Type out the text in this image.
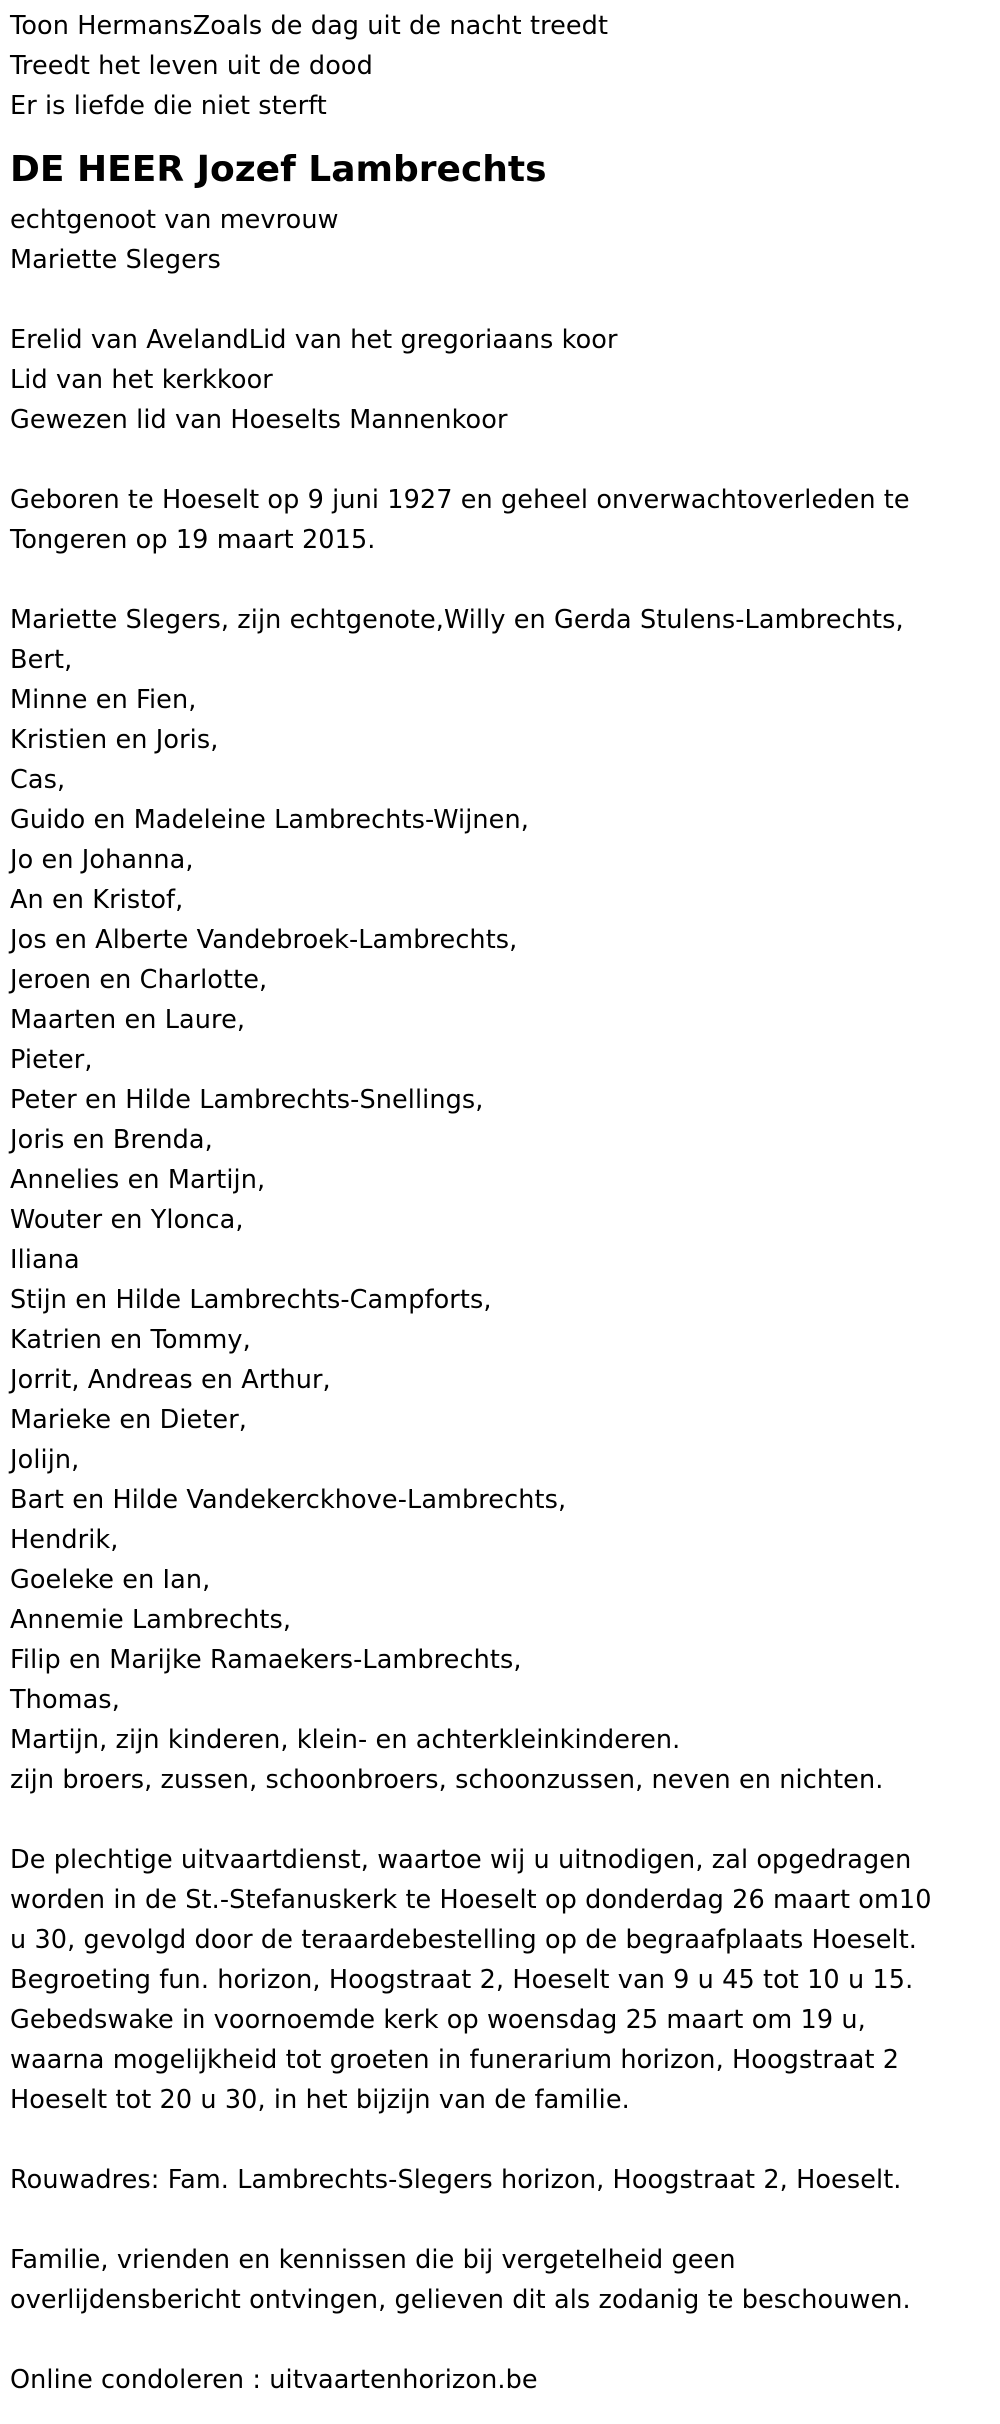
Toon HermansZoals de dag uit de nacht treedt
Treedt het leven uit de dood
Er is liefde die niet sterft
DE HEER Jozef Lambrechts
echtgenoot van mevrouw
Mariette Slegers
Erelid van AvelandLid van het gregoriaans koor
Lid van het kerkkoor
Gewezen lid van Hoeselts Mannenkoor
Geboren te Hoeselt op 9 juni 1927 en geheel onverwachtoverleden te
Tongeren op 19 maart 2015.
Mariette Slegers, zijn echtgenote,Willy en Gerda Stulens-Lambrechts,
Bert,
Minne en Fien,
Kristien en Joris,
Cas,
Guido en Madeleine Lambrechts-Wijnen,
Jo en Johanna,
An en Kristof,
Jos en Alberte Vandebroek-Lambrechts,
Jeroen en Charlotte,
Maarten en Laure,
Pieter,
Peter en Hilde Lambrechts-Snellings,
Joris en Brenda,
Annelies en Martijn,
Wouter en Ylonca,
Iliana
Stijn en Hilde Lambrechts-Campforts,
Katrien en Tommy,
Jorrit, Andreas en Arthur,
Marieke en Dieter,
Jolijn,
Bart en Hilde Vandekerckhove-Lambrechts,
Hendrik,
Goeleke en Ian,
Annemie Lambrechts,
Filip en Marijke Ramaekers-Lambrechts,
Thomas,
Martijn, zijn kinderen, klein- en achterkleinkinderen.
zijn broers, zussen, schoonbroers, schoonzussen, neven en nichten.
De plechtige uitvaartdienst, waartoe wij u uitnodigen, zal opgedragen
worden in de St.-Stefanuskerk te Hoeselt op donderdag 26 maart om10
u 30, gevolgd door de teraardebestelling op de begraafplaats Hoeselt.
Begroeting fun. horizon, Hoogstraat 2, Hoeselt van 9 u 45 tot 10 u 15.
Gebedswake in voornoemde kerk op woensdag 25 maart om 19 u,
waarna mogelijkheid tot groeten in funerarium horizon, Hoogstraat 2
Hoeselt tot 20 u 30, in het bijzijn van de familie.
Rouwadres: Fam. Lambrechts-Slegers horizon, Hoogstraat 2, Hoeselt.
Familie, vrienden en kennissen die bij vergetelheid geen
overlijdensbericht ontvingen, gelieven dit als zodanig te beschouwen.
Online condoleren : uitvaartenhorizon.be
